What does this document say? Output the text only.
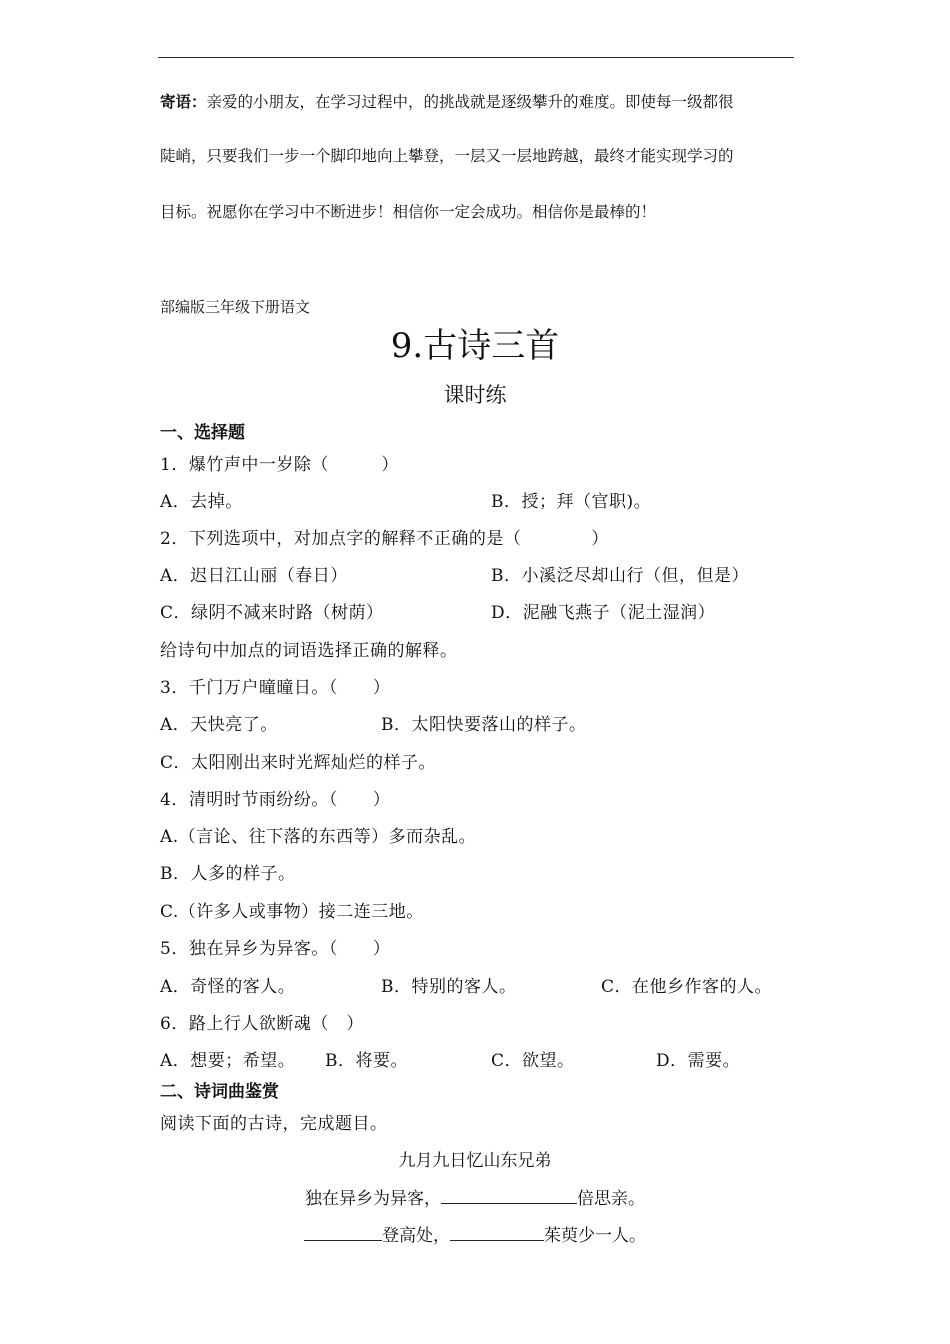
寄语：亲爱的小朋友，在学习过程中，的挑战就是逐级攀升的难度。即使每一级都很
陡峭，只要我们一步一个脚印地向上攀登，一层又一层地跨越，最终才能实现学习的
目标。祝愿你在学习中不断进步！相信你一定会成功。相信你是最棒的！
部编版三年级下册语文
9.古诗三首
课时练
一、选择题
1．爆竹声中一岁除（　　　）
A．去掉。	B．授；拜（官职)。
2．下列选项中，对加点字的解释不正确的是（　　　　）
A．迟日江山丽（春日）	B．小溪泛尽却山行（但，但是）
C．绿阴不减来时路（树荫）	D．泥融飞燕子（泥土湿润）
给诗句中加点的词语选择正确的解释。
3．千门万户曈曈日。（　　）
A．天快亮了。	B．太阳快要落山的样子。
C．太阳刚出来时光辉灿烂的样子。
4．清明时节雨纷纷。（　　）
A.（言论、往下落的东西等）多而杂乱。
B．人多的样子。
C.（许多人或事物）接二连三地。
5．独在异乡为异客。（　　）
A．奇怪的客人。	B．特别的客人。	C．在他乡作客的人。
6．路上行人欲断魂（　）
A．想要；希望。 B．将要。	C．欲望。	D．需要。
二、诗词曲鉴赏
阅读下面的古诗，完成题目。
九月九日忆山东兄弟
独在异乡为异客，	倍思亲。
登高处，	茱萸少一人。
